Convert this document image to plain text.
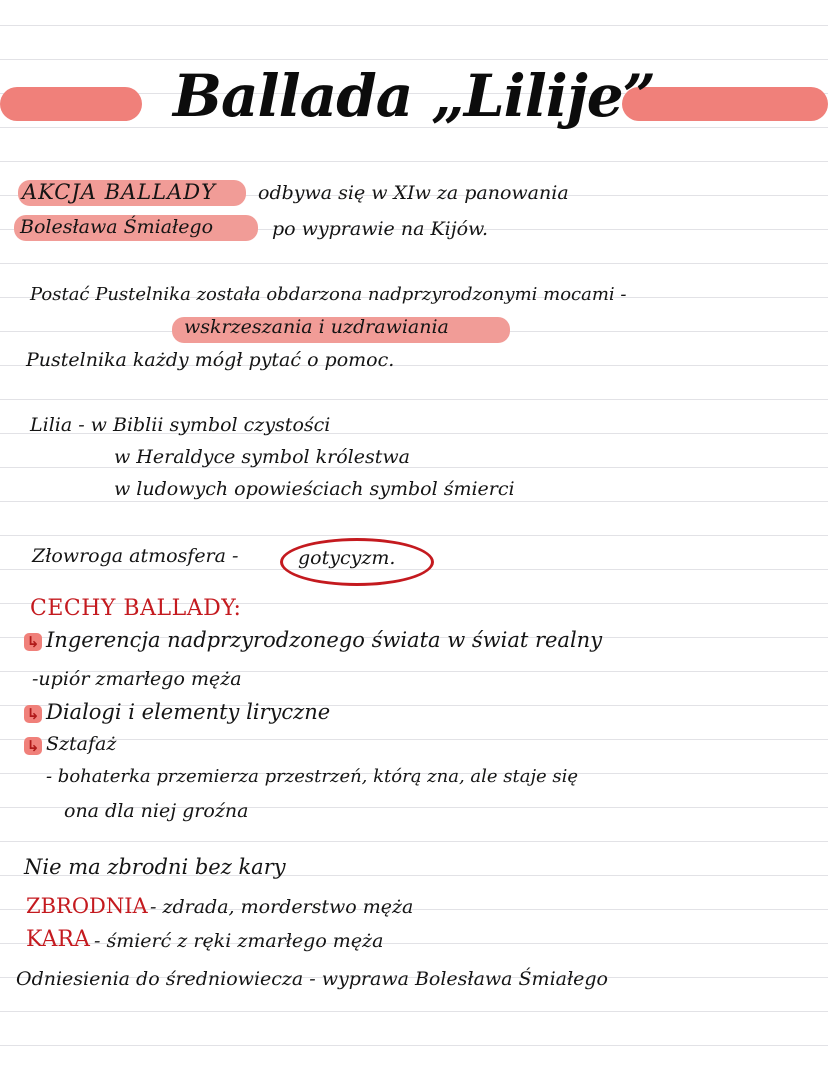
Ballada „Lilije”
AKCJA BALLADY odbywa się w XIw za panowania
Bolesława Śmiałego	po wyprawie na Kijów.
Postać Pustelnika została obdarzona nadprzyrodzonymi mocami -
wskrzeszania i uzdrawiania
Pustelnika każdy mógł pytać o pomoc.
Lilia - w Biblii symbol czystości
w Heraldyce symbol królestwa
w ludowych opowieściach symbol śmierci
Złowroga atmosfera -	gotycyzm.
CECHY BALLADY:
↳ Ingerencja nadprzyrodzonego świata w świat realny
-upiór zmarłego męża
↳ Dialogi i elementy liryczne
↳ Sztafaż
- bohaterka przemierza przestrzeń, którą zna, ale staje się
ona dla niej groźna
Nie ma zbrodni bez kary
ZBRODNIA - zdrada, morderstwo męża
KARA - śmierć z ręki zmarłego męża
Odniesienia do średniowiecza - wyprawa Bolesława Śmiałego
